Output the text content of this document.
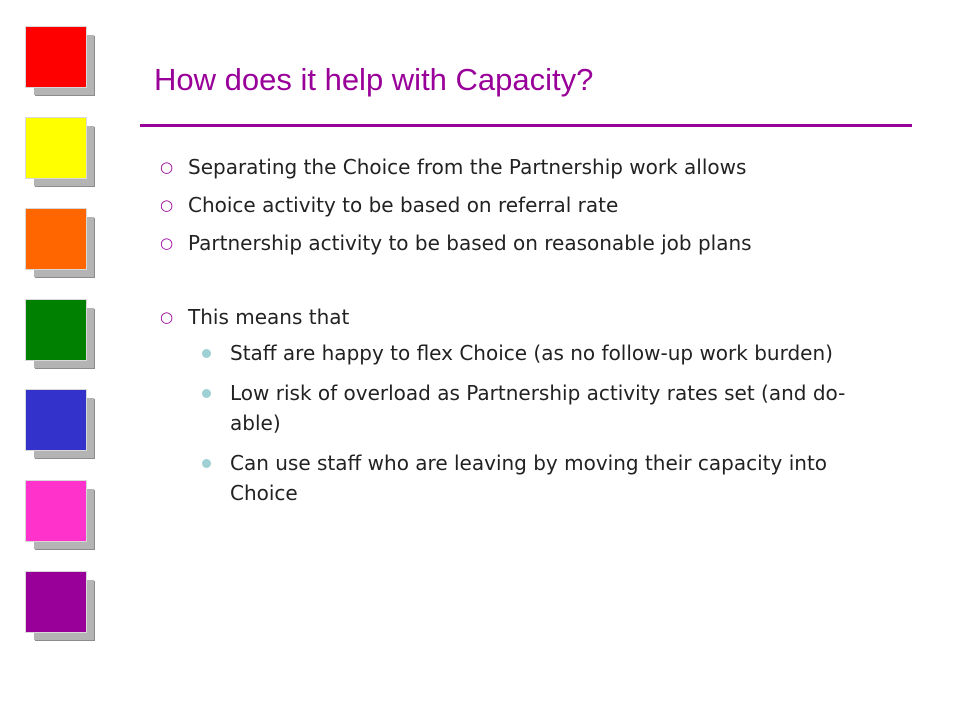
How does it help with Capacity?
○ Separating the Choice from the Partnership work allows
○ Choice activity to be based on referral rate
○ Partnership activity to be based on reasonable job plans
○ This means that
Staff are happy to flex Choice (as no follow-up work burden)
Low risk of overload as Partnership activity rates set (and do-able)
Can use staff who are leaving by moving their capacity into Choice
